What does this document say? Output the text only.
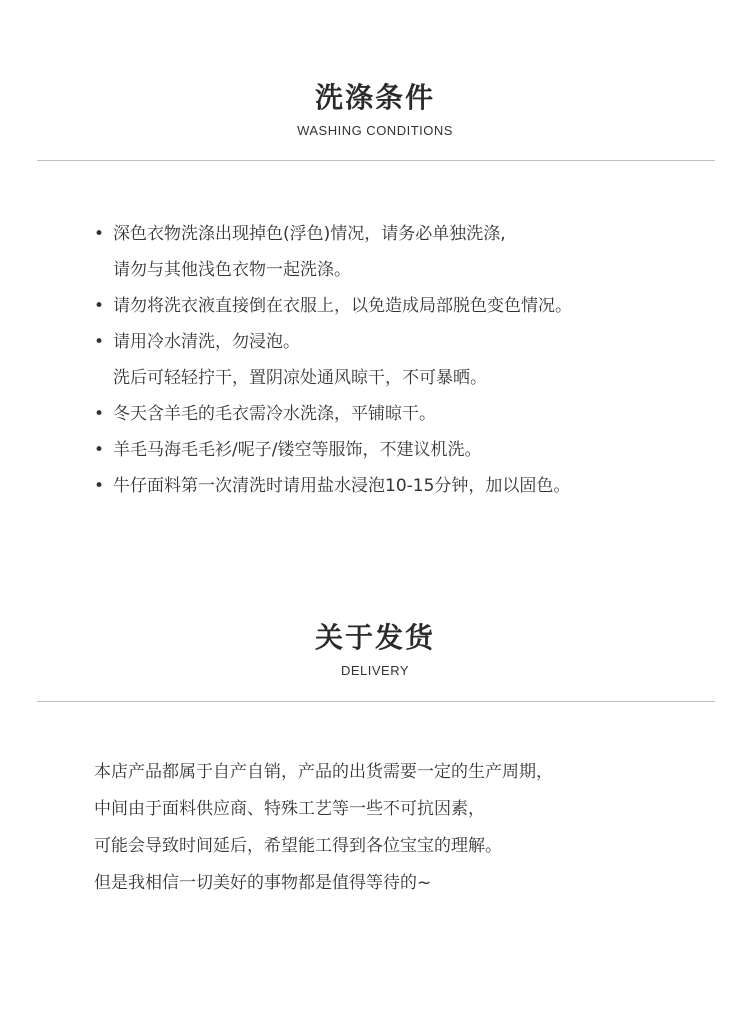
洗涤条件
WASHING CONDITIONS
• 深色衣物洗涤出现掉色(浮色)情况，请务必单独洗涤,
请勿与其他浅色衣物一起洗涤。
• 请勿将洗衣液直接倒在衣服上，以免造成局部脱色变色情况。
• 请用冷水清洗，勿浸泡。
洗后可轻轻拧干，置阴凉处通风晾干，不可暴晒。
• 冬天含羊毛的毛衣需冷水洗涤，平铺晾干。
• 羊毛马海毛毛衫/呢子/镂空等服饰，不建议机洗。
• 牛仔面料第一次清洗时请用盐水浸泡10-15分钟，加以固色。
关于发货
DELIVERY
本店产品都属于自产自销，产品的出货需要一定的生产周期，
中间由于面料供应商、特殊工艺等一些不可抗因素，
可能会导致时间延后，希望能工得到各位宝宝的理解。
但是我相信一切美好的事物都是值得等待的~
